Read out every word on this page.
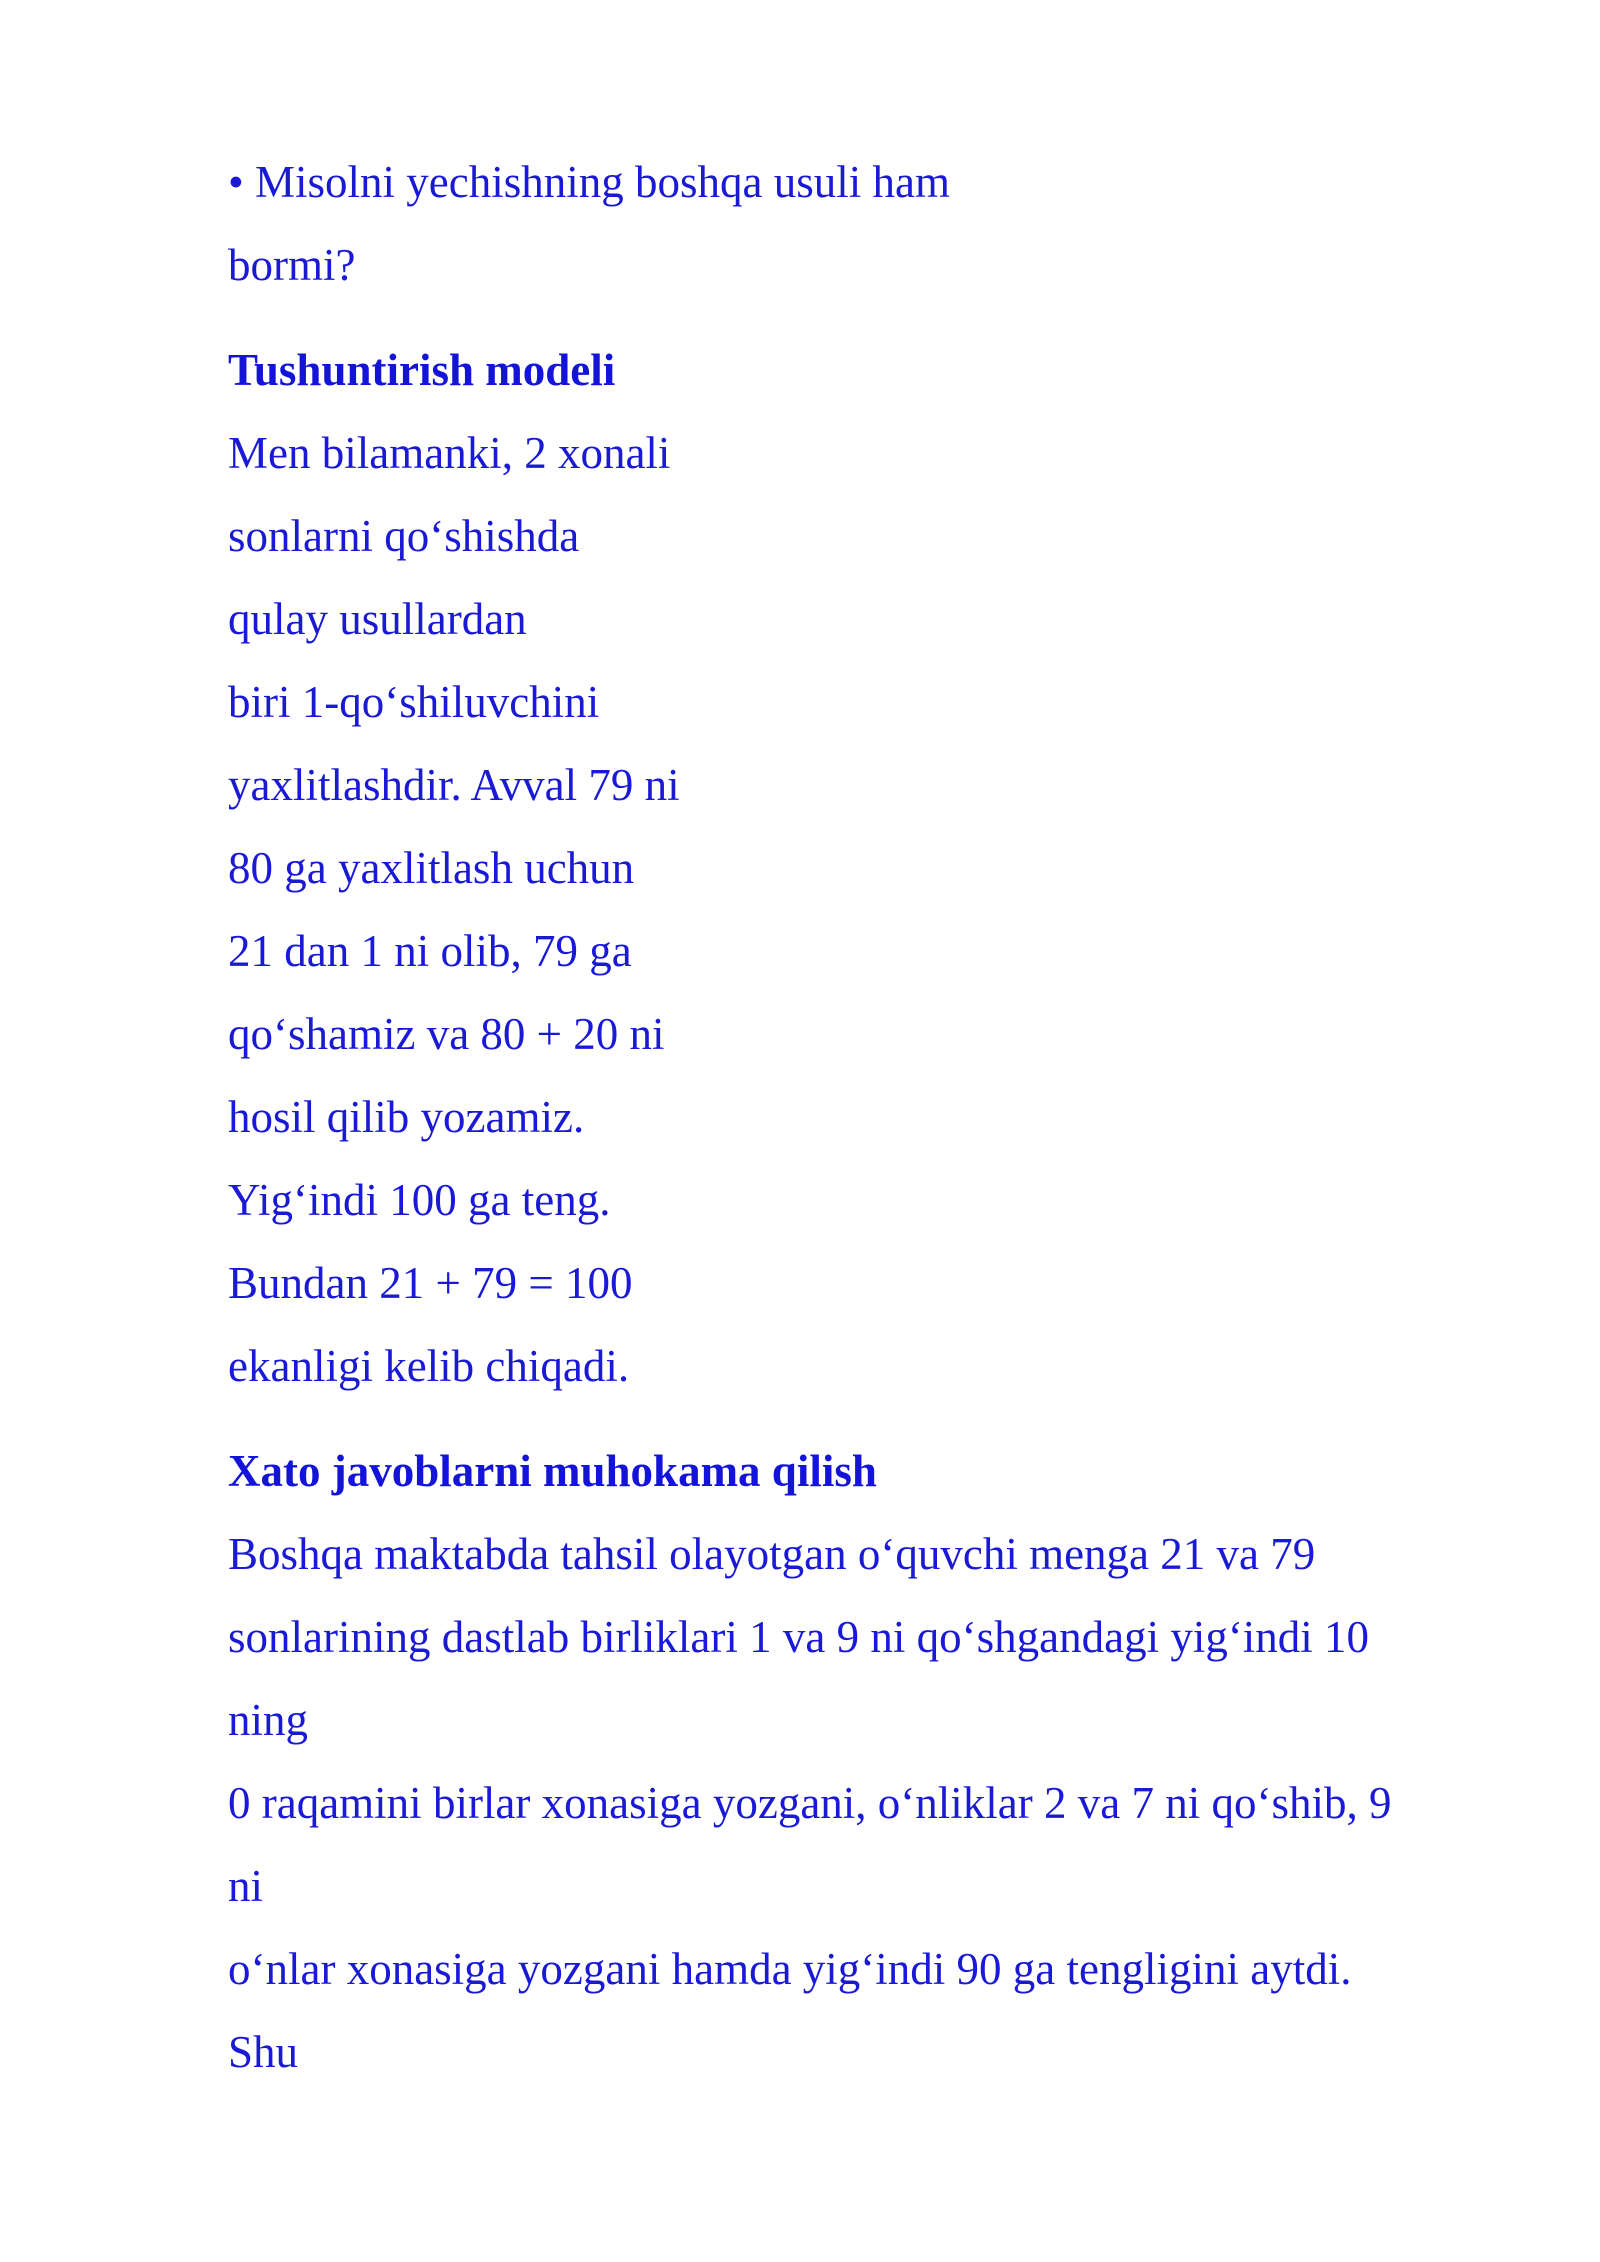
• Misolni yechishning boshqa usuli ham
bormi?
Tushuntirish modeli
Men bilamanki, 2 xonali
sonlarni qo‘shishda
qulay usullardan
biri 1-qo‘shiluvchini
yaxlitlashdir. Avval 79 ni
80 ga yaxlitlash uchun
21 dan 1 ni olib, 79 ga
qo‘shamiz va 80 + 20 ni
hosil qilib yozamiz.
Yig‘indi 100 ga teng.
Bundan 21 + 79 = 100
ekanligi kelib chiqadi.
Xato javoblarni muhokama qilish
Boshqa maktabda tahsil olayotgan o‘quvchi menga 21 va 79
sonlarining dastlab birliklari 1 va 9 ni qo‘shgandagi yig‘indi 10
ning
0 raqamini birlar xonasiga yozgani, o‘nliklar 2 va 7 ni qo‘shib, 9
ni
o‘nlar xonasiga yozgani hamda yig‘indi 90 ga tengligini aytdi.
Shu
